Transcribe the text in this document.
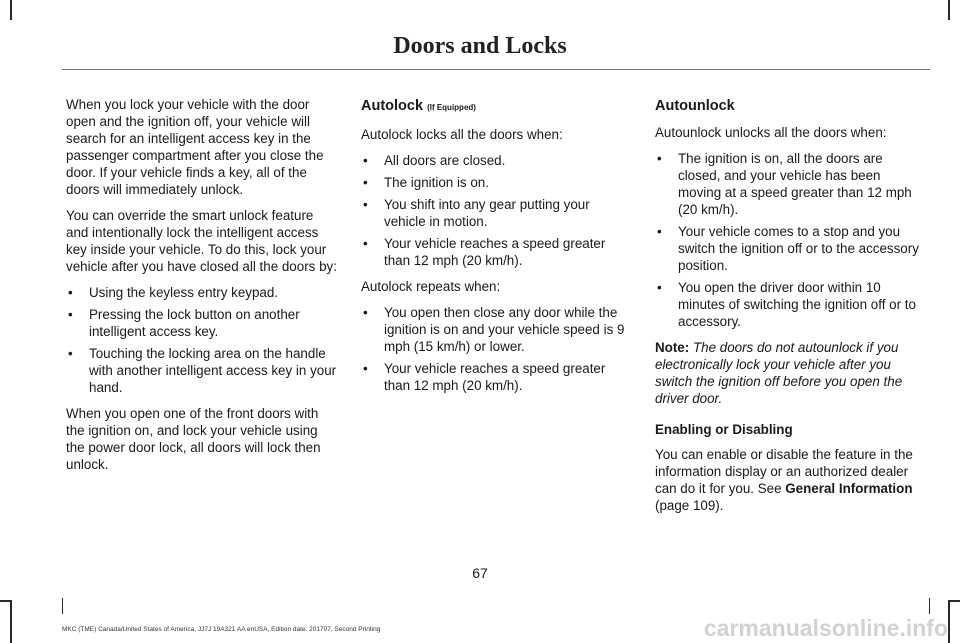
Doors and Locks

When you lock your vehicle with the door open and the ignition off, your vehicle will search for an intelligent access key in the passenger compartment after you close the door. If your vehicle finds a key, all of the doors will immediately unlock.

You can override the smart unlock feature and intentionally lock the intelligent access key inside your vehicle. To do this, lock your vehicle after you have closed all the doors by:

• Using the keyless entry keypad.
• Pressing the lock button on another intelligent access key.
• Touching the locking area on the handle with another intelligent access key in your hand.

When you open one of the front doors with the ignition on, and lock your vehicle using the power door lock, all doors will lock then unlock.

Autolock (If Equipped)

Autolock locks all the doors when:

• All doors are closed.
• The ignition is on.
• You shift into any gear putting your vehicle in motion.
• Your vehicle reaches a speed greater than 12 mph (20 km/h).

Autolock repeats when:

• You open then close any door while the ignition is on and your vehicle speed is 9 mph (15 km/h) or lower.
• Your vehicle reaches a speed greater than 12 mph (20 km/h).
Autounlock

Autounlock unlocks all the doors when:

• The ignition is on, all the doors are closed, and your vehicle has been moving at a speed greater than 12 mph (20 km/h).
• Your vehicle comes to a stop and you switch the ignition off or to the accessory position.
• You open the driver door within 10 minutes of switching the ignition off or to accessory.

Note: The doors do not autounlock if you electronically lock your vehicle after you switch the ignition off before you open the driver door.

Enabling or Disabling

You can enable or disable the feature in the information display or an authorized dealer can do it for you. See General Information (page 109).

67
MKC (TME) Canada/United States of America, JJ7J 19A321 AA enUSA, Edition date: 201707, Second Printing	carmanualsonline.info
